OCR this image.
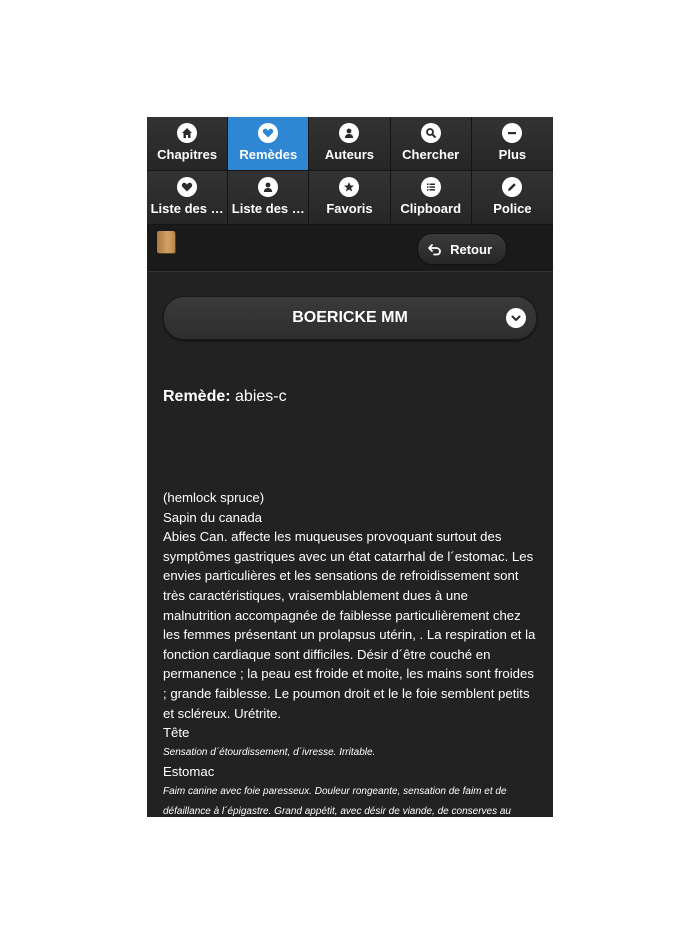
Chapitres Remèdes Auteurs Chercher	Plus
Liste des … Liste des … Favoris Clipboard Police
Retour
BOERICKE MM
Remède: abies-c

(hemlock spruce)

Sapin du canada

Abies Can. affecte les muqueuses provoquant surtout des symptômes gastriques avec un état catarrhal de l´estomac. Les envies particulières et les sensations de refroidissement sont très caractéristiques, vraisemblablement dues à une malnutrition accompagnée de faiblesse particulièrement chez les femmes présentant un prolapsus utérin, . La respiration et la fonction cardiaque sont difficiles. Désir d´être couché en permanence ; la peau est froide et moite, les mains sont froides ; grande faiblesse. Le poumon droit et le le foie semblent petits et scléreux. Urétrite.

Tête

Sensation d´étourdissement, d´ivresse. Irritable.

Estomac

Faim canine avec foie paresseux. Douleur rongeante, sensation de faim et de défaillance à l´épigastre. Grand appétit, avec désir de viande, de conserves au vinaigre, de radis, de navets, d´artichauts et de nourriture peu raffinée. Tendance à
